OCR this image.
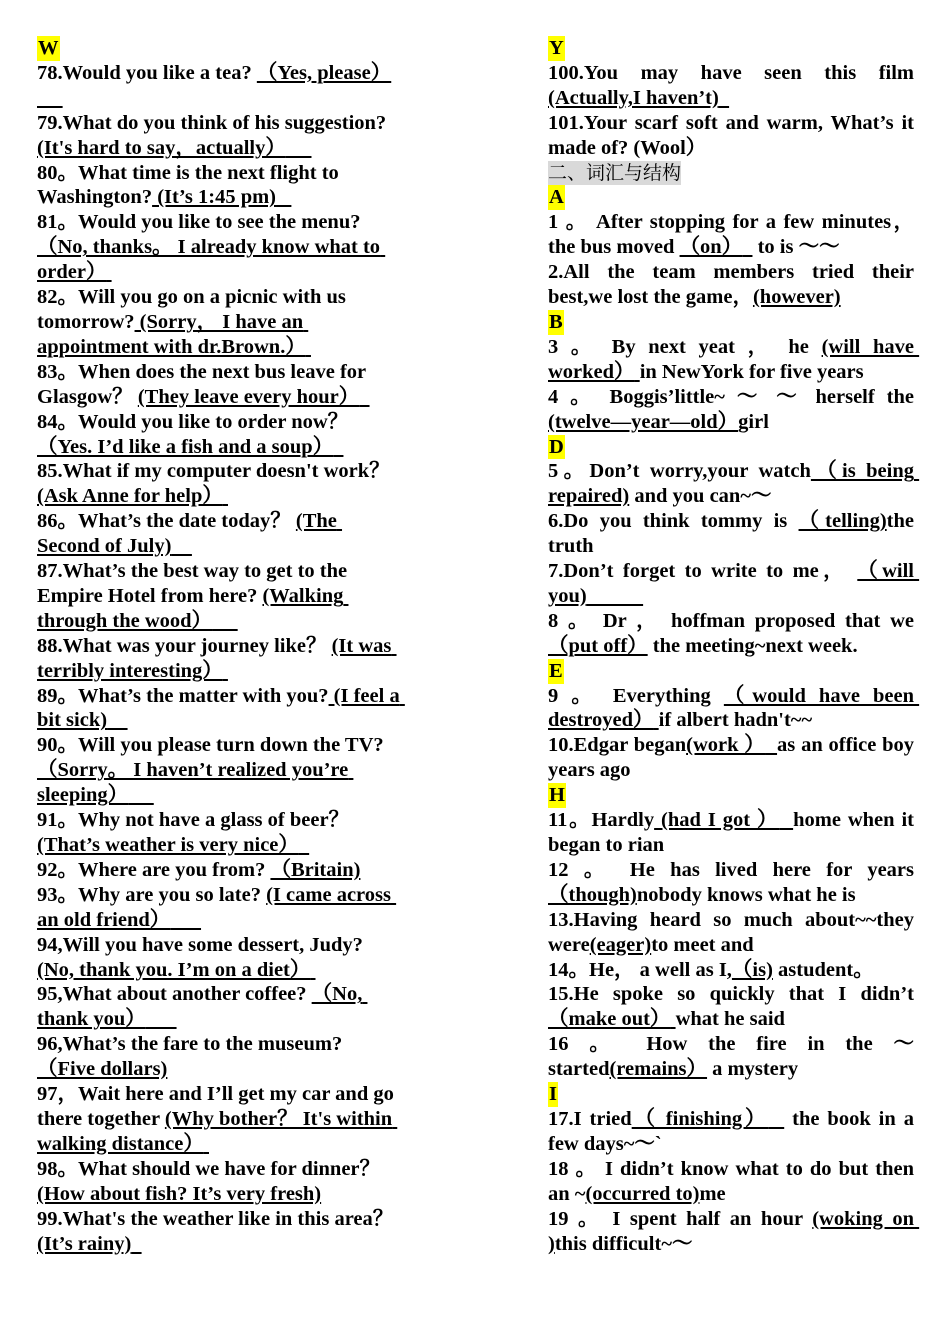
W

78.Would you like a tea? （Yes, please）

79.What do you think of his suggestion? (It's hard to say，actually）

80。What time is the next flight to Washington? (It’s 1:45 pm)

81。Would you like to see the menu? （No, thanks。 I already know what to order）

82。Will you go on a picnic with us tomorrow? (Sorry， I have an appointment with dr.Brown.）

83。When does the next bus leave for Glasgow？ (They leave every hour）

84。Would you like to order now？ （Yes. I’d like a fish and a soup）

85.What if my computer doesn't work？ (Ask Anne for help）

86。What’s the date today？ (The Second of July)

87.What’s the best way to get to the Empire Hotel from here? (Walking through the wood）

88.What was your journey like？ (It was terribly interesting）

89。What’s the matter with you? (I feel a bit sick)

90。Will you please turn down the TV? （Sorry。 I haven’t realized you’re sleeping）

91。Why not have a glass of beer？(That’s weather is very nice）

92。Where are you from? （Britain)

93。Why are you so late? (I came across an old friend）

94,Will you have some dessert, Judy? (No, thank you. I’m on a diet）

95,What about another coffee? （No, thank you）

96,What’s the fare to the museum? （Five dollars)

97，Wait here and I’ll get my car and go there together (Why bother？ It's within walking distance）

98。What should we have for dinner？ (How about fish? It’s very fresh)

99.What's the weather like in this area？ (It’s rainy)

Y

100.You may have seen this film (Actually,I haven’t)

101.Your scarf soft and warm, What’s it made of? (Wool）

二、词汇与结构
A

1 。 After stopping for a few minutes，the bus moved （on）   to is ～～

2.All the team members tried their best,we lost the game，(however)

B

3 。 By next yeat ， he (will have worked） in NewYork for five years

4 。 Boggis’little~ ～ ～ herself the (twelve—year—old）girl

D

5。Don’t worry,your watch（is being repaired) and you can~～

6.Do you think tommy is （telling)the truth

7.Don’t forget to write to me， （will you)

8 。 Dr ， hoffman proposed that we（put off） the meeting~next week.

E

9 。 Everything （would have been destroyed） if albert hadn't~~

10.Edgar began(work ） as an office boy years ago

H

11。Hardly (had I got ） home when it began to rian

12 。 He has lived here for years（though)nobody knows what he is

13.Having heard so much about~~they were(eager)to meet and

14。He， a well as I,（is) astudent。

15.He spoke so quickly that I didn’t（make out） what he said

16 。 How the fire in the ～ started(remains） a mystery

I

17.I tried（ finishing）   the book in a few days~～`

18 。 I didn’t know what to do but then an ~(occurred to)me

19 。 I spent half an hour (woking on )this difficult~～
